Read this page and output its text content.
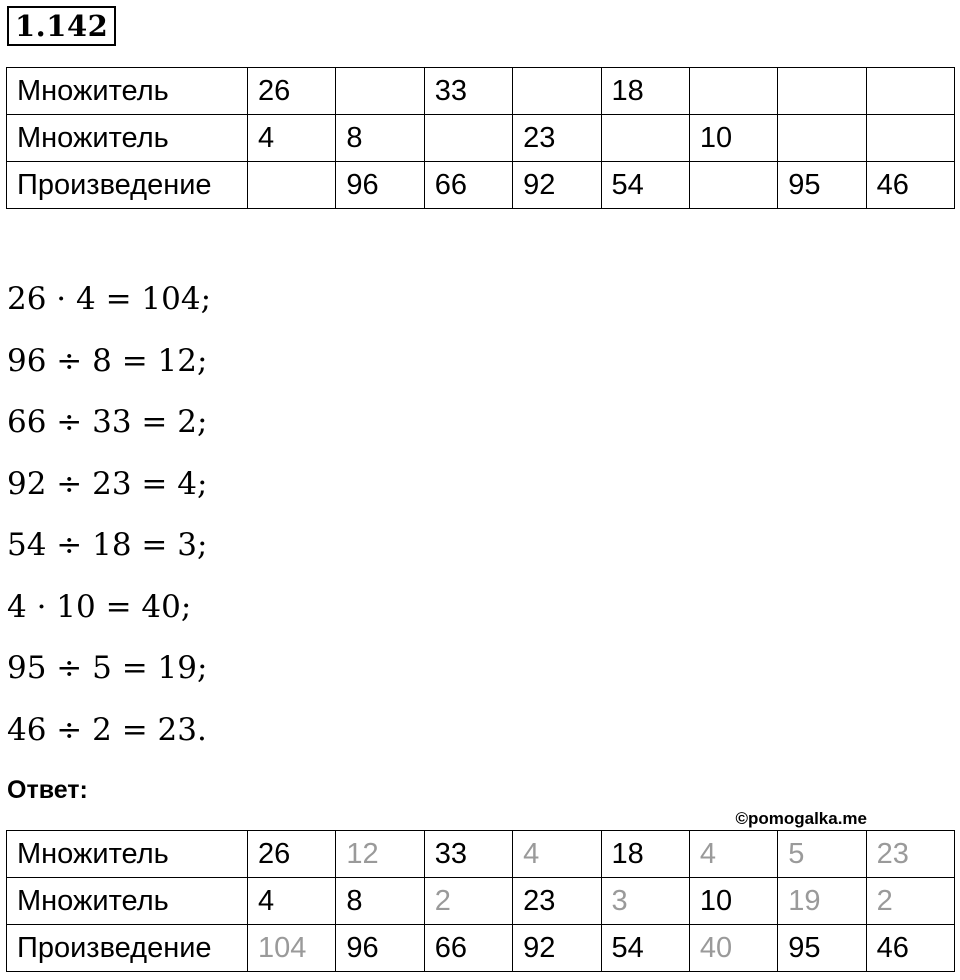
1.142
Множитель	26		33		18			
Множитель	4	8		23		10		
Произведение		96	66	92	54		95	46
26 · 4 = 104;
96 ÷ 8 = 12;
66 ÷ 33 = 2;
92 ÷ 23 = 4;
54 ÷ 18 = 3;
4 · 10 = 40;
95 ÷ 5 = 19;
46 ÷ 2 = 23.
Ответ:
©pomogalka.me
Множитель	26	12	33	4	18	4	5	23
Множитель	4	8	2	23	3	10	19	2
Произведение	104	96	66	92	54	40	95	46
